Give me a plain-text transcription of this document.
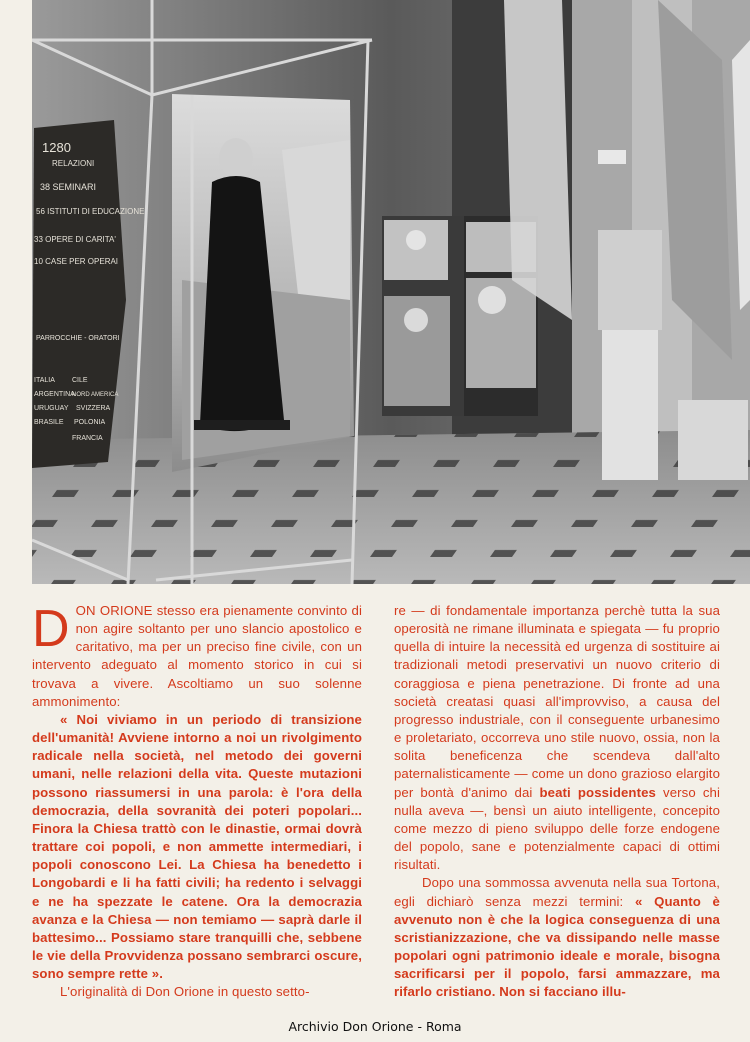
1280
RELAZIONI
38 SEMINARI
56 ISTITUTI DI EDUCAZIONE
33 OPERE DI CARITA'
10 CASE PER OPERAI
PARROCCHIE - ORATORI
ITALIA
ARGENTINA
URUGUAY
BRASILE
CILE
NORD AMERICA
SVIZZERA
POLONIA
FRANCIA

DON ORIONE stesso era pienamente convinto di non agire soltanto per uno slancio apostolico e caritativo, ma per un preciso fine civile, con un intervento adeguato al momento storico in cui si trovava a vivere. Ascoltiamo un suo solenne ammonimento:

« Noi viviamo in un periodo di transizione dell'umanità! Avviene intorno a noi un rivolgimento radicale nella società, nel metodo dei governi umani, nelle relazioni della vita. Queste mutazioni possono riassumersi in una parola: è l'ora della democrazia, della sovranità dei poteri popolari... Finora la Chiesa trattò con le dinastie, ormai dovrà trattare coi popoli, e non ammette intermediari, i popoli conoscono Lei. La Chiesa ha benedetto i Longobardi e li ha fatti civili; ha redento i selvaggi e ne ha spezzate le catene. Ora la democrazia avanza e la Chiesa — non temiamo — saprà darle il battesimo... Possiamo stare tranquilli che, sebbene le vie della Provvidenza possano sembrarci oscure, sono sempre rette ».

L'originalità di Don Orione in questo setto-

re — di fondamentale importanza perchè tutta la sua operosità ne rimane illuminata e spiegata — fu proprio quella di intuire la necessità ed urgenza di sostituire ai tradizionali metodi preservativi un nuovo criterio di coraggiosa e piena penetrazione. Di fronte ad una società creatasi quasi all'improvviso, a causa del progresso industriale, con il conseguente urbanesimo e proletariato, occorreva uno stile nuovo, ossia, non la solita beneficenza che scendeva dall'alto paternalisticamente — come un dono grazioso elargito per bontà d'animo dai beati possidentes verso chi nulla aveva —, bensì un aiuto intelligente, concepito come mezzo di pieno sviluppo delle forze endogene del popolo, sane e potenzialmente capaci di ottimi risultati.

Dopo una sommossa avvenuta nella sua Tortona, egli dichiarò senza mezzi termini: « Quanto è avvenuto non è che la logica conseguenza di una scristianizzazione, che va dissipando nelle masse popolari ogni patrimonio ideale e morale, bisogna sacrificarsi per il popolo, farsi ammazzare, ma rifarlo cristiano. Non si facciano illu-

Archivio Don Orione - Roma
